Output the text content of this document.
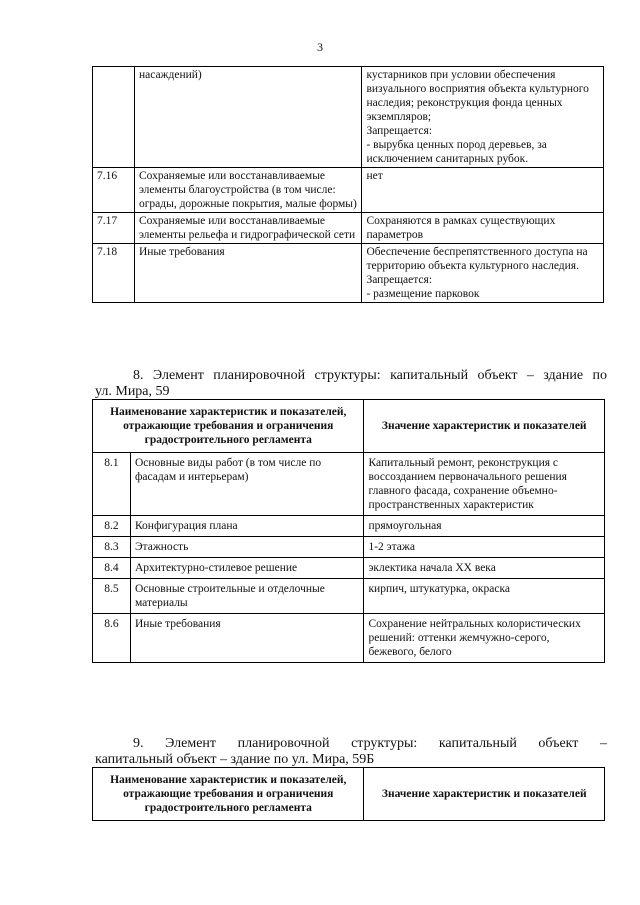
3
	насаждений)	кустарников при условии обеспечения визуального восприятия объекта культурного наследия; реконструкция фонда ценных экземпляров;
Запрещается:
- вырубка ценных пород деревьев, за исключением санитарных рубок.
7.16	Сохраняемые или восстанавливаемые элементы благоустройства (в том числе: ограды, дорожные покрытия, малые формы)	нет
7.17	Сохраняемые или восстанавливаемые элементы рельефа и гидрографической сети	Сохраняются в рамках существующих параметров
7.18	Иные требования	Обеспечение беспрепятственного доступа на территорию объекта культурного наследия.
Запрещается:
- размещение парковок
8. Элемент планировочной структуры: капитальный объект – здание по
ул. Мира, 59
Наименование характеристик и показателей, отражающие требования и ограничения градостроительного регламента		Значение характеристик и показателей
8.1	Основные виды работ (в том числе по фасадам и интерьерам)	Капитальный ремонт, реконструкция с воссозданием первоначального решения главного фасада, сохранение объемно-пространственных характеристик
8.2	Конфигурация плана	прямоугольная
8.3	Этажность	1-2 этажа
8.4	Архитектурно-стилевое решение	эклектика начала XX века
8.5	Основные строительные и отделочные материалы	кирпич, штукатурка, окраска
8.6	Иные требования	Сохранение нейтральных колористических решений: оттенки жемчужно-серого, бежевого, белого
9. Элемент планировочной структуры: капитальный объект –
капитальный объект – здание по ул. Мира, 59Б
Наименование характеристик и показателей, отражающие требования и ограничения градостроительного регламента	Значение характеристик и показателей
